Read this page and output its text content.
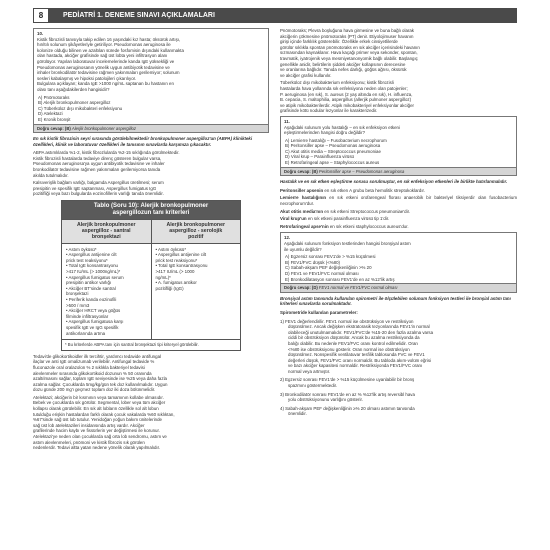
8	PEDİATRİ 1. DENEME SINAVI AÇIKLAMALARI
10.
Kistik fibrozisli tanısıyla takip edilen 16 yaşındaki kız hasta; öksürük artışı,
hırıltılı solunum şikâyetleriyle getiriliyor. Pseudomonas aeruginosa ile
kolonize olduğu bilinen ve azaltılan sürede fosfomisin dışındaki kullanmakta
olan hastada, akciğer grafisinde sağ üst lobta yeni infiltrasyon alanı
görülüyor. Yapılan laboratuvar incelemelerinde kanda IgE yüksekliği ve
Pseudomonas aeruginosanın yönelik uygun antibiyotik tedavisine ve
inhaler bronkodilatör tedavisine rağmen yakınmaları gerilemiyor; solunum
sesleri kabalaşmış ve hipoksi patolojileri çıkarılıyor.
Bulgulara açıklayan; kanda IgE >1000 ng/mL saptanan bu hastanın en
olası tanı aşağıdakilerden hangisidir?
A) Pnömotoraks
B) Alerjik bronkopulmoner aspergilloz
C) Tüberküloz dışı mikobakteri enfeksiyonu
D) Atelektazi
E) Kronik bronşit
Doğru cevap: (B) Alerjik bronkopulmoner aspergilloz
En sık kistik fibrozisin seyri sırasında görülebilmektedir bronkopulmoner aspergilloz'un (ABPA) klinikteki özellikleri, klinik ve laboratuvar özellikleri ile tanısının sınavlarda karşımıza çıkacaktır.
ABPA astımlılarda %1-2, kistik fibrozlularda %2-15 sıklığında görülmektedir.
Kistik fibrozisli hastalarda tedaviye direnç gösteren bulgular varsa,
Pseudomonas aeruginosa'ya uygun antibiyotik tedavisine ve inhaler
bronkodilatör tedavisine rağmen yakınmaları gerilemiyorsa tanıda
akılda tutulmalıdır.
Kalsıverişlik bağlam varlığı, balgamda Aspergillus üretilmesi; serum
presipitin ve spesifik IgE saptanması, Aspergillus fumigatus IgG
pozitifliği veya bazı bulgularda eozinofillerin varlığı tanıda önemlidir.
Tablo (Soru 10): Alerjik bronkopulmoner
aspergillozun tanı kriterleri
Alerjik bronkopulmoner
aspergilloz - santral
bronşektazi
Alerjik bronkopulmoner
aspergilloz - serolojik
pozitif
• Astım öyküsü*
• Aspergillus antijenine cilt
prick test reaksiyonu*
• Total IgE konsantrasyonu
>417 IU/mL (> 1000ng/mL)*
• Aspergillus fumigatus serum
presipitin antikor varlığı
• Akciğer BT'sinde santral
bronşektazi
• Periferik kanda eozinofili
>500 / mm3
• Akciğer HRCT veya göğüs
filminde infiltrasyonlar
• Aspergillus fumigatusa karşı
spesifik IgE ve IgG spesifik
antikorlarında artma
• Astım öyküsü*
• Aspergillus antijenine cilt
prick test reaksiyonu*
• Total IgE konsantrasyonu
>417 IU/mL (> 1000
ng/mL)*
• A. fumigatus antikor
pozitifliği (IgG)
* Bu kriterlerde ABPA tanı için santral bronşektazi tipi kriteryel görülebilir.
Tedavi'de glikokortikoidler ilk tercihtir, yardımcı tedavide antifungal
ilaçlar ve anti IgE omalizumab verilebilir. Antifungal tedavide %
fluconazole oral oralazolon % 2 sıklıkla bakteriyel tedavisi
alevlenmeler sırasında glikokortikoid dozunun % 50 oranında
azaltılmasını sağlar, toplam IgE seviyesinde ise %25 veya daha fazla
azalma sağlar. Çocuklarda 5mg/kg/gün tek doz kullanılmalıdır. Uygun
dozu günde 200 mg'ı geçmez toplam doz iki doza bölünmelidir.
Atelektazi; akciğerin bir kısmının veya tamamının kollabe olmasıdır.
Bebek ve çocuklarda sık görülür. Segmental, lober veya tüm akciğer
kollapsı olarak görülebilir. En sık alt lobların özellikle sol alt lobun
tutulduğu erişkin hastalardan farklı olarak çocuk vakalarda %60 sıklıktan,
%67'sinde sağ üst lob tutulur. Yenidoğan yoğun bakım ünitelerinde
sağ üst lob atelektazileri insidansında artış vardır. Akciğer
grafilerinde hacim kaybı ve fissürlerin yer değiştirmesi ile korunur.
Atelektazi'ye neden olan çocuklarda sağ orta lob sendromu, astım ve
astım alevlenmeleri, pnömoni ve kistik fibrozis sık görülen
nedenlerdir. Tedavi altta yatan nedene yönelik olarak yapılmalıdır.
Pnömotoraks; Plevra boşluğuna hava girmesine ve buna bağlı olarak
akciğerin çökmesine pnömotoraks (PT) denir. Etiyolojimuser havanın
girişi içinde farklılık gösterebilir. Özellikle erkek cinsiyetlilerde
görülür sıklıkla spontan pnömotoraks en sık akciğer içerisindeki havanın
sızmasından kaynaklanır. Hava kaçağı primer veya sekonder, spontan,
travmatik, iyatrojenik veya mesmiyetanonyomik bağlı olabilir. Başlangıç
genellikle anidir, belirtilerin şiddeti akciğer kollapsının derecesine
ve oranlarına bağlıdır. Tanıda nefes darlığı, göğüs ağrısı, öksürük
ve akciğer grafisi kullanılır.
Tüberküloz dışı mikobakterium enfeksiyonu; kistik fibrozisli
hastalarda hava yollarında sık enfeksiyona neden olan patojenler;
P. aeruginosa (en sık), S. aureus (2 yaş altında en sık), H. influenza,
B. cepacia, S. maltophilia, aspergillus (allerjik pulmoner aspergilloz)
ve atipik mikobakterilerdir. Atipik mikobakteriyel enfeksiyonlar akciğer
grafisinde kötü nodular lezyonlar ile karakterizedir.
11.
Aşağıdaki solunum yolu hastalığı – en sık enfeksiyon etkeni
eşleştirmelerinden hangisi doğru değildir?
A) Lemierre hastalığı – Fusobacterium necrophorum
B) Peritonsiller apse – Pseudomonas aeruginosa
C) Akut otitis media – Streptococcus pneumoniae
D) Viral krup – Parainfluenza virüsü
E) Retrofaringeal apse – Staphylococcus aureus
Doğru cevap: (B) Peritonsiller apse – Pseudomonas aeruginosa
Hastalık ve en sık etken eşleştirme sorusu sorulmuştur, en sık enfeksiyon etkenleri ile birlikte hatırlanmalıdır.
Peritonsiller apsenin en sık etken A grubu beta hemolitik streptokoklardır.
Lemierre hastalığının en sık etkeni orofarengeal florası anaerobik bir bakteriyel tiksiyerdir olan fusobacterium necrophorum'dur.
Akut otitis media'nın en sık etkeni Streptococcus pneumoniae'dir.
Viral krup'un en sık etkeni parainfluenza virüsü tip 1'dir.
Retrofaringeal apse'nin en sık etkeni staphylococcus aureus'dur.
12.
Aşağıdaki solunum fonksiyon testlerinden hangisi bronşiyal astım
ile uyumlu değildir?
A) Egzersiz sonrası FEV1'de > %15 küçülmesi
B) FEV1/FVC düşük (<%80)
C) Sabah-akşam PEF değişkenliğinin >% 20
D) FEV1 ve FEV1/FVC normal olması
E) Bronkodilatasyon sonrası FEV1'de en az %12'lik artış
Doğru cevap: (D) FEV1 normal ve FEV1/FVC normal olması
Bronşiyal astım tanısında kullanılan spirometri ile ölçülebilen solunum fonksiyon testleri ile bronşial astım tanı kriterleri sınavlarda sorulmaktadır.
Spirometride kullanılan parametreler:
1) FEV1 değerlendirilir. FEV1 normal ise obstrüksiyon ve restriksiyon
düşünülmez. Ancak değişken ekstratorasik tezyonlarında FEV1'in normal
olabileceği unutulmamalıdır. FEV1/FVC'de %15-20 den fazla azalma varsa
ciddi bir obstrüksiyon düşünülür. Ancak bu azalma restriksiyonda da
balığı olabilir. Bu nedenle FEV1/FVC oranı kontrol edilmelidir. Oran
<%80 ise obstrüksiyonu gösterir. Oran normal ise obstrüksiyon
düşünülmez. Nonspesifik ventilatuvar tesfilik tablosunda FVC ve FEV1
değerleri düşük, FEV1/FVC oranı normaldir. Bu tabloda akım-volüm eğrisi
ve bazı akciğer kapasitesi normaldir. Restriksiyonda FEV1/FVC oranı
normal veya artmıştır.
2) Egzersiz sonrası FEV1'de > %15 küçülmesine uyanlabilir bir bronş
spazmını göstermektedir.
3) Bronkodilatör sonrası FEV1'de en az % %12'lik artış reversibl hava
yolu obstrüksiyonunu varlığını gösterir.
4) Sabah-akşam PEF değişkenliğinin ≥% 20 olması astımın tanısında
önemlidir.
